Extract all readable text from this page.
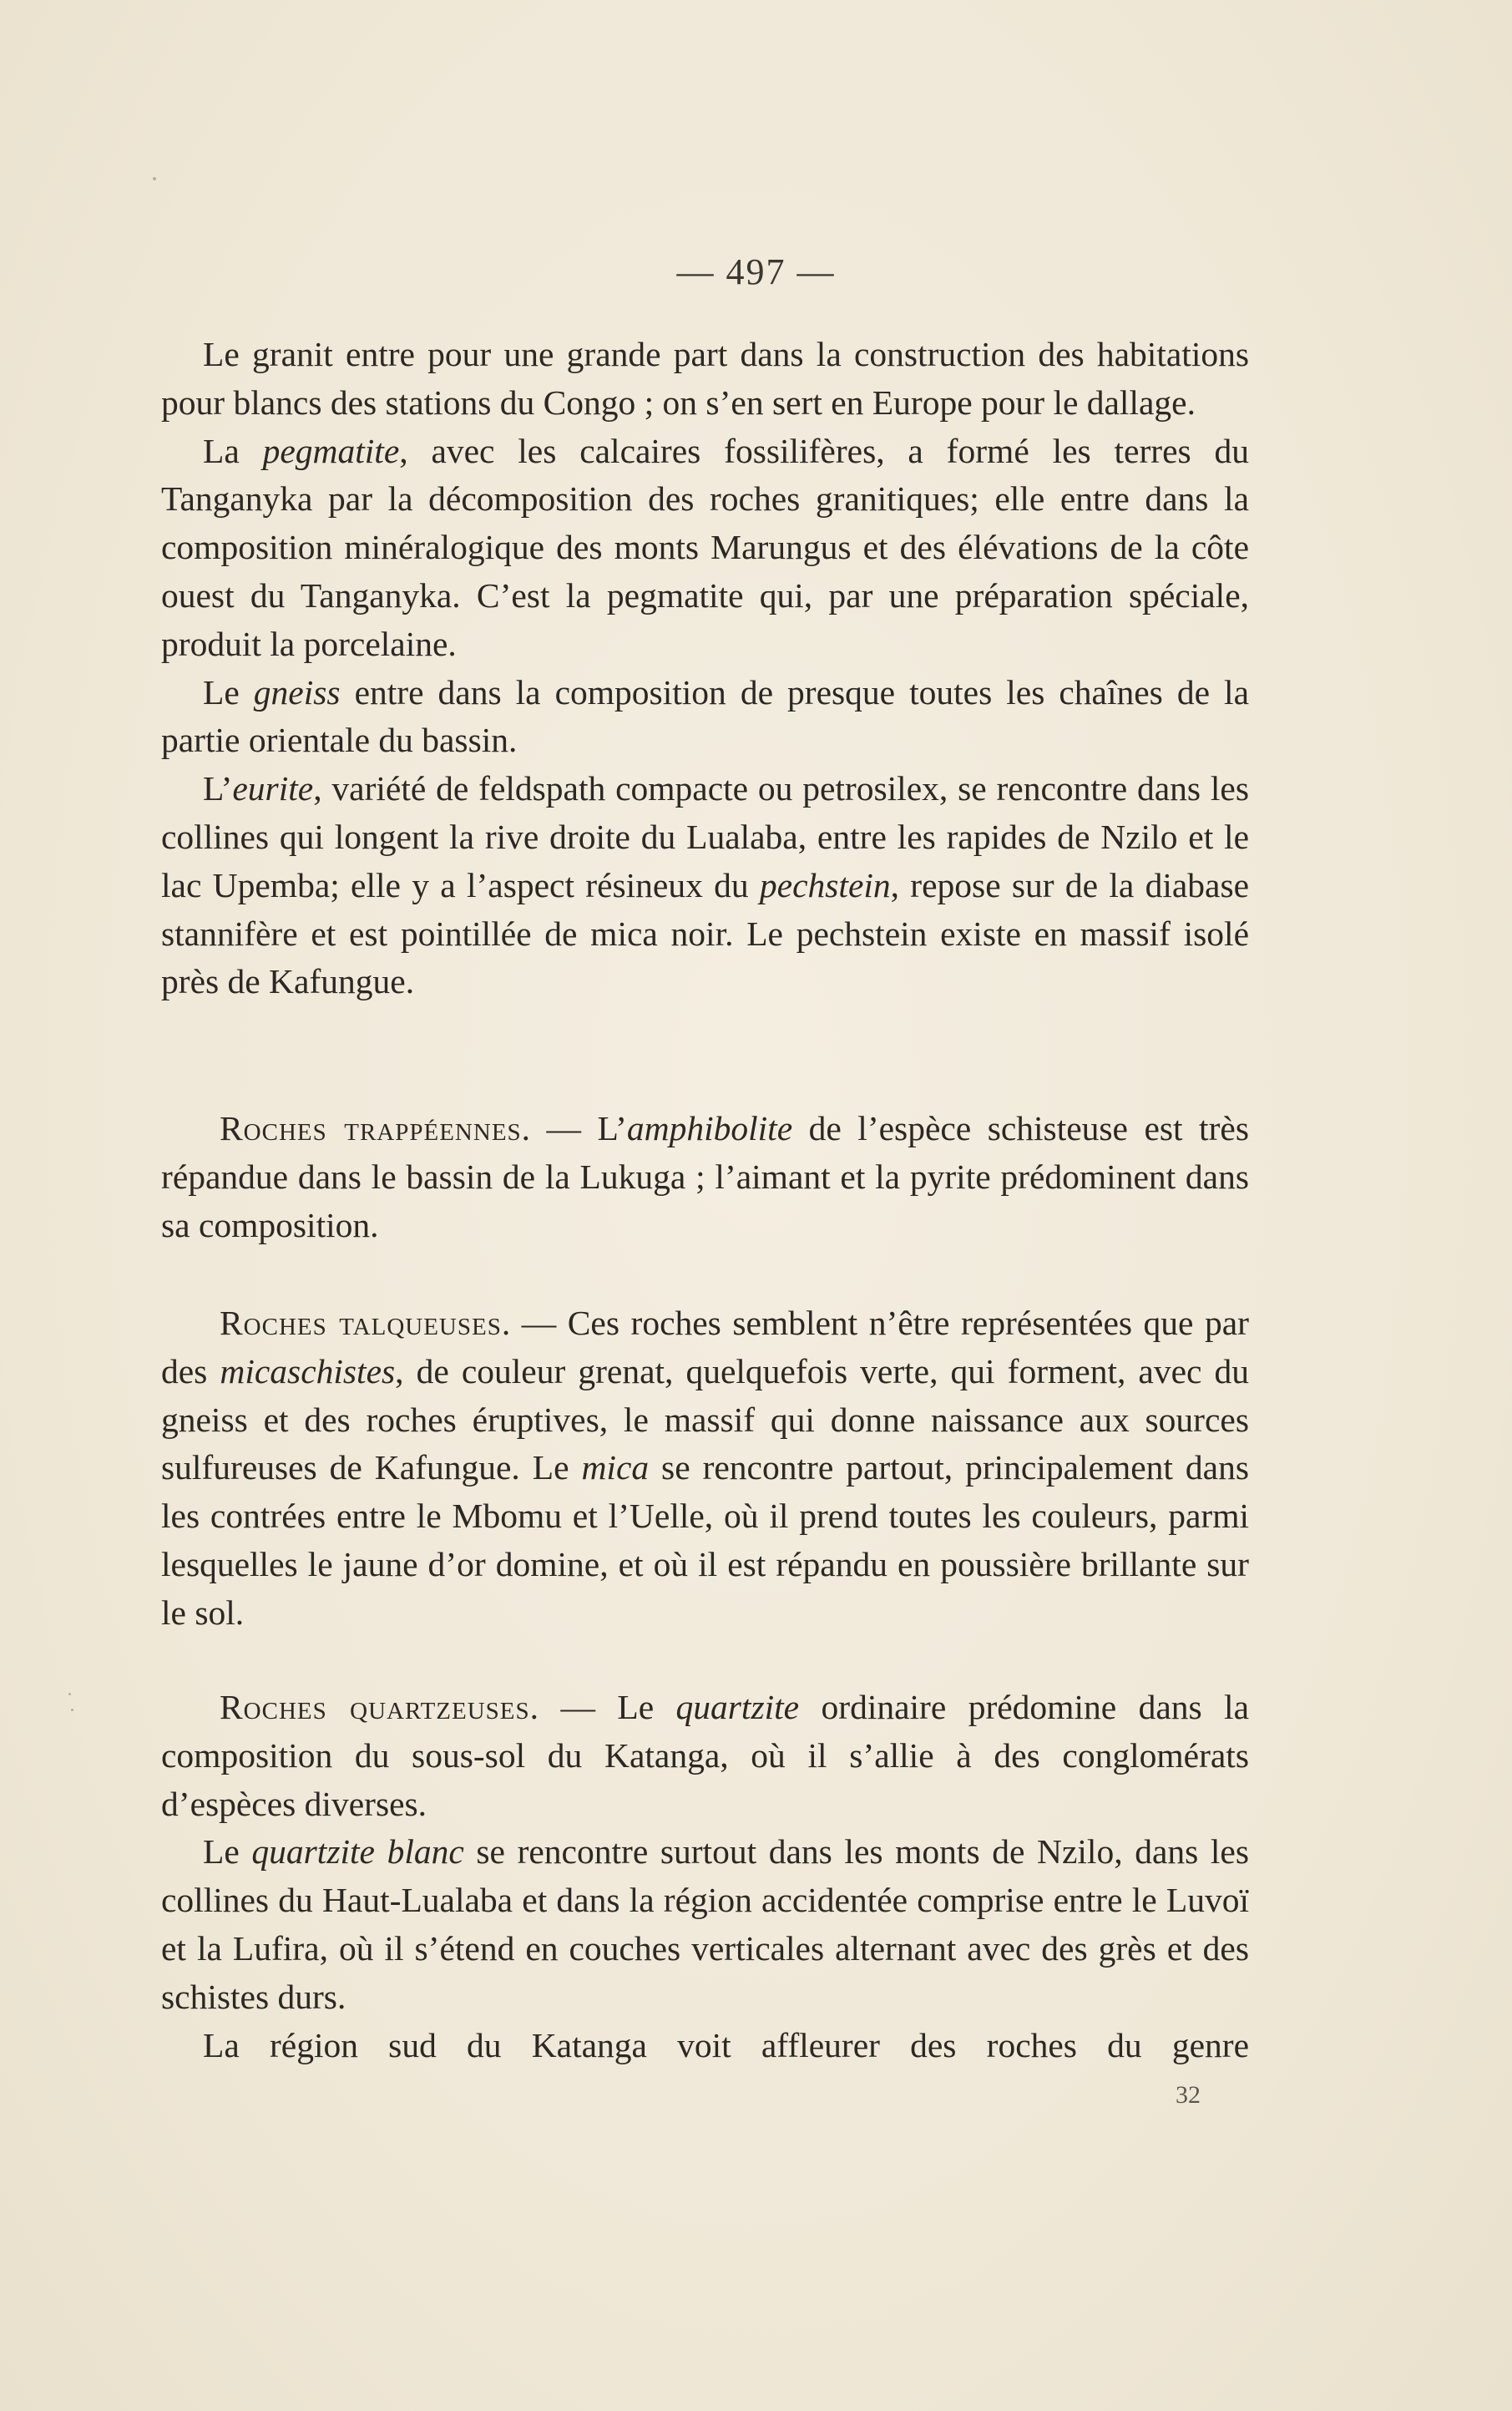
— 497 —

Le granit entre pour une grande part dans la construction des habitations pour blancs des stations du Congo ; on s’en sert en Europe pour le dallage.

La pegmatite, avec les calcaires fossilifères, a formé les terres du Tanganyka par la décomposition des roches granitiques; elle entre dans la composition minéralogique des monts Marungus et des élévations de la côte ouest du Tanganyka. C’est la pegmatite qui, par une préparation spéciale, produit la porcelaine.

Le gneiss entre dans la composition de presque toutes les chaînes de la partie orientale du bassin.

L’eurite, variété de feldspath compacte ou petrosilex, se rencontre dans les collines qui longent la rive droite du Lualaba, entre les rapides de Nzilo et le lac Upemba; elle y a l’aspect résineux du pechstein, repose sur de la diabase stannifère et est pointillée de mica noir. Le pechstein existe en massif isolé près de Kafungue.

Roches trappéennes. — L’amphibolite de l’espèce schisteuse est très répandue dans le bassin de la Lukuga ; l’aimant et la pyrite prédominent dans sa composition.

Roches talqueuses. — Ces roches semblent n’être représentées que par des micaschistes, de couleur grenat, quelquefois verte, qui forment, avec du gneiss et des roches éruptives, le massif qui donne naissance aux sources sulfureuses de Kafungue. Le mica se rencontre partout, principalement dans les contrées entre le Mbomu et l’Uelle, où il prend toutes les couleurs, parmi lesquelles le jaune d’or domine, et où il est répandu en poussière brillante sur le sol.

Roches quartzeuses. — Le quartzite ordinaire prédomine dans la composition du sous-sol du Katanga, où il s’allie à des conglomérats d’espèces diverses.

Le quartzite blanc se rencontre surtout dans les monts de Nzilo, dans les collines du Haut-Lualaba et dans la région accidentée comprise entre le Luvoï et la Lufira, où il s’étend en couches verticales alternant avec des grès et des schistes durs.

La région sud du Katanga voit affleurer des roches du genre

32
